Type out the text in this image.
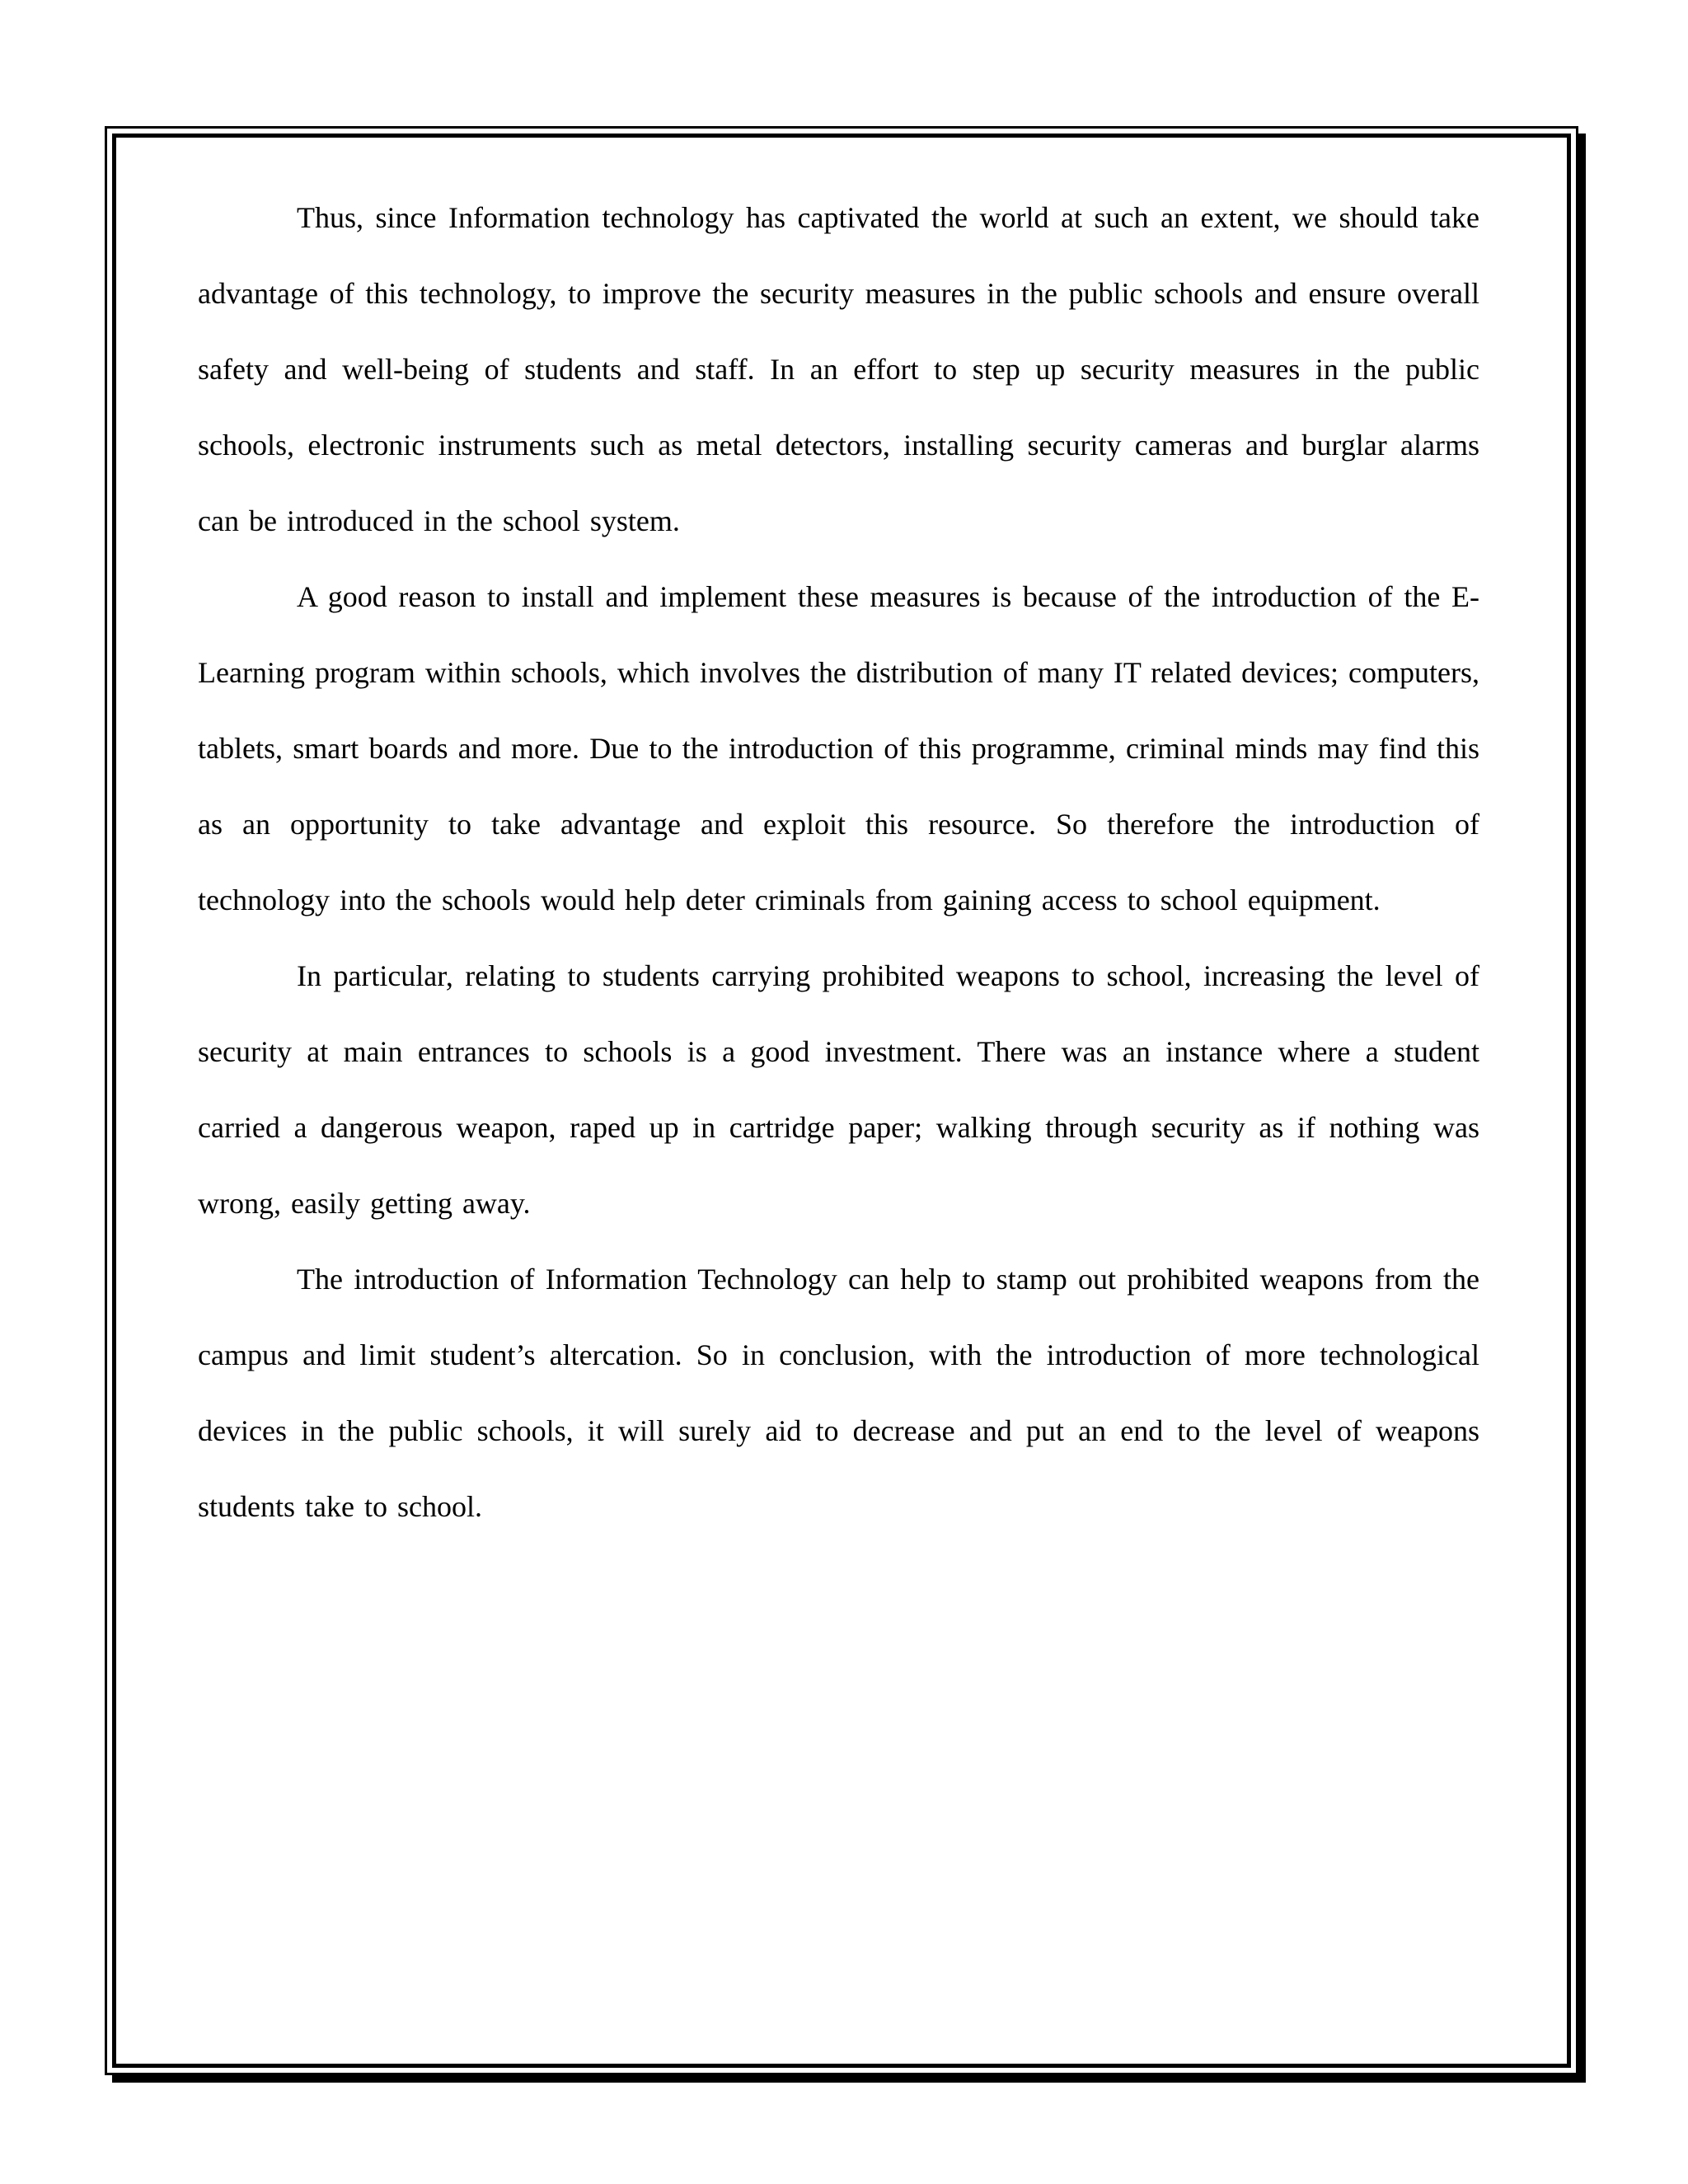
Thus, since Information technology has captivated the world at such an extent, we should take advantage of this technology, to improve the security measures in the public schools and ensure overall safety and well-being of students and staff. In an effort to step up security measures in the public schools, electronic instruments such as metal detectors, installing security cameras and burglar alarms can be introduced in the school system.

A good reason to install and implement these measures is because of the introduction of the E-Learning program within schools, which involves the distribution of many IT related devices; computers, tablets, smart boards and more. Due to the introduction of this programme, criminal minds may find this as an opportunity to take advantage and exploit this resource. So therefore the introduction of technology into the schools would help deter criminals from gaining access to school equipment.

In particular, relating to students carrying prohibited weapons to school, increasing the level of security at main entrances to schools is a good investment. There was an instance where a student carried a dangerous weapon, raped up in cartridge paper; walking through security as if nothing was wrong, easily getting away.

The introduction of Information Technology can help to stamp out prohibited weapons from the campus and limit student’s altercation. So in conclusion, with the introduction of more technological devices in the public schools, it will surely aid to decrease and put an end to the level of weapons students take to school.
